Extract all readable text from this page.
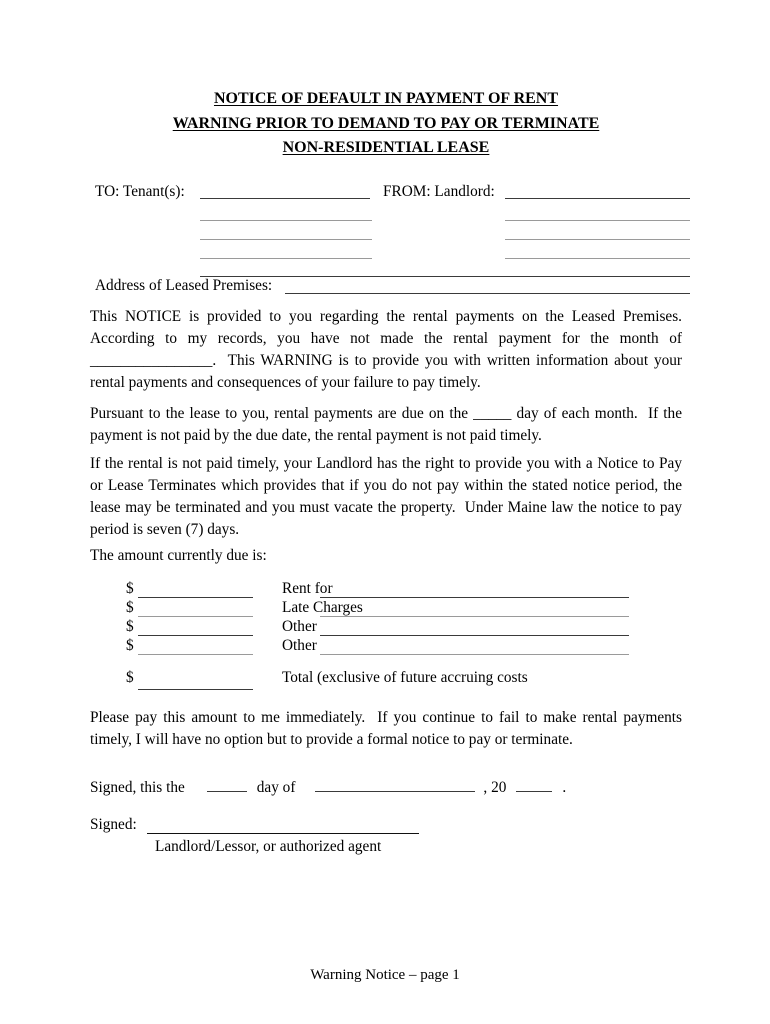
NOTICE OF DEFAULT IN PAYMENT OF RENT
WARNING PRIOR TO DEMAND TO PAY OR TERMINATE
NON-RESIDENTIAL LEASE
TO: Tenant(s):	FROM: Landlord:
Address of Leased Premises:

This NOTICE is provided to you regarding the rental payments on the Leased Premises.  According to my records, you have not made the rental payment for the month of ________________.  This WARNING is to provide you with written information about your rental payments and consequences of your failure to pay timely.

Pursuant to the lease to you, rental payments are due on the _____ day of each month.  If the payment is not paid by the due date, the rental payment is not paid timely.

If the rental is not paid timely, your Landlord has the right to provide you with a Notice to Pay or Lease Terminates which provides that if you do not pay within the stated notice period, the lease may be terminated and you must vacate the property.  Under Maine law the notice to pay period is seven (7) days.

The amount currently due is:

$	Rent for
$	Late Charges
$	Other
$	Other
$	Total (exclusive of future accruing costs

Please pay this amount to me immediately.  If you continue to fail to make rental payments timely, I will have no option but to provide a formal notice to pay or terminate.

Signed, this the	day of	, 20	.
Signed:
Landlord/Lessor, or authorized agent
Warning Notice – page 1
